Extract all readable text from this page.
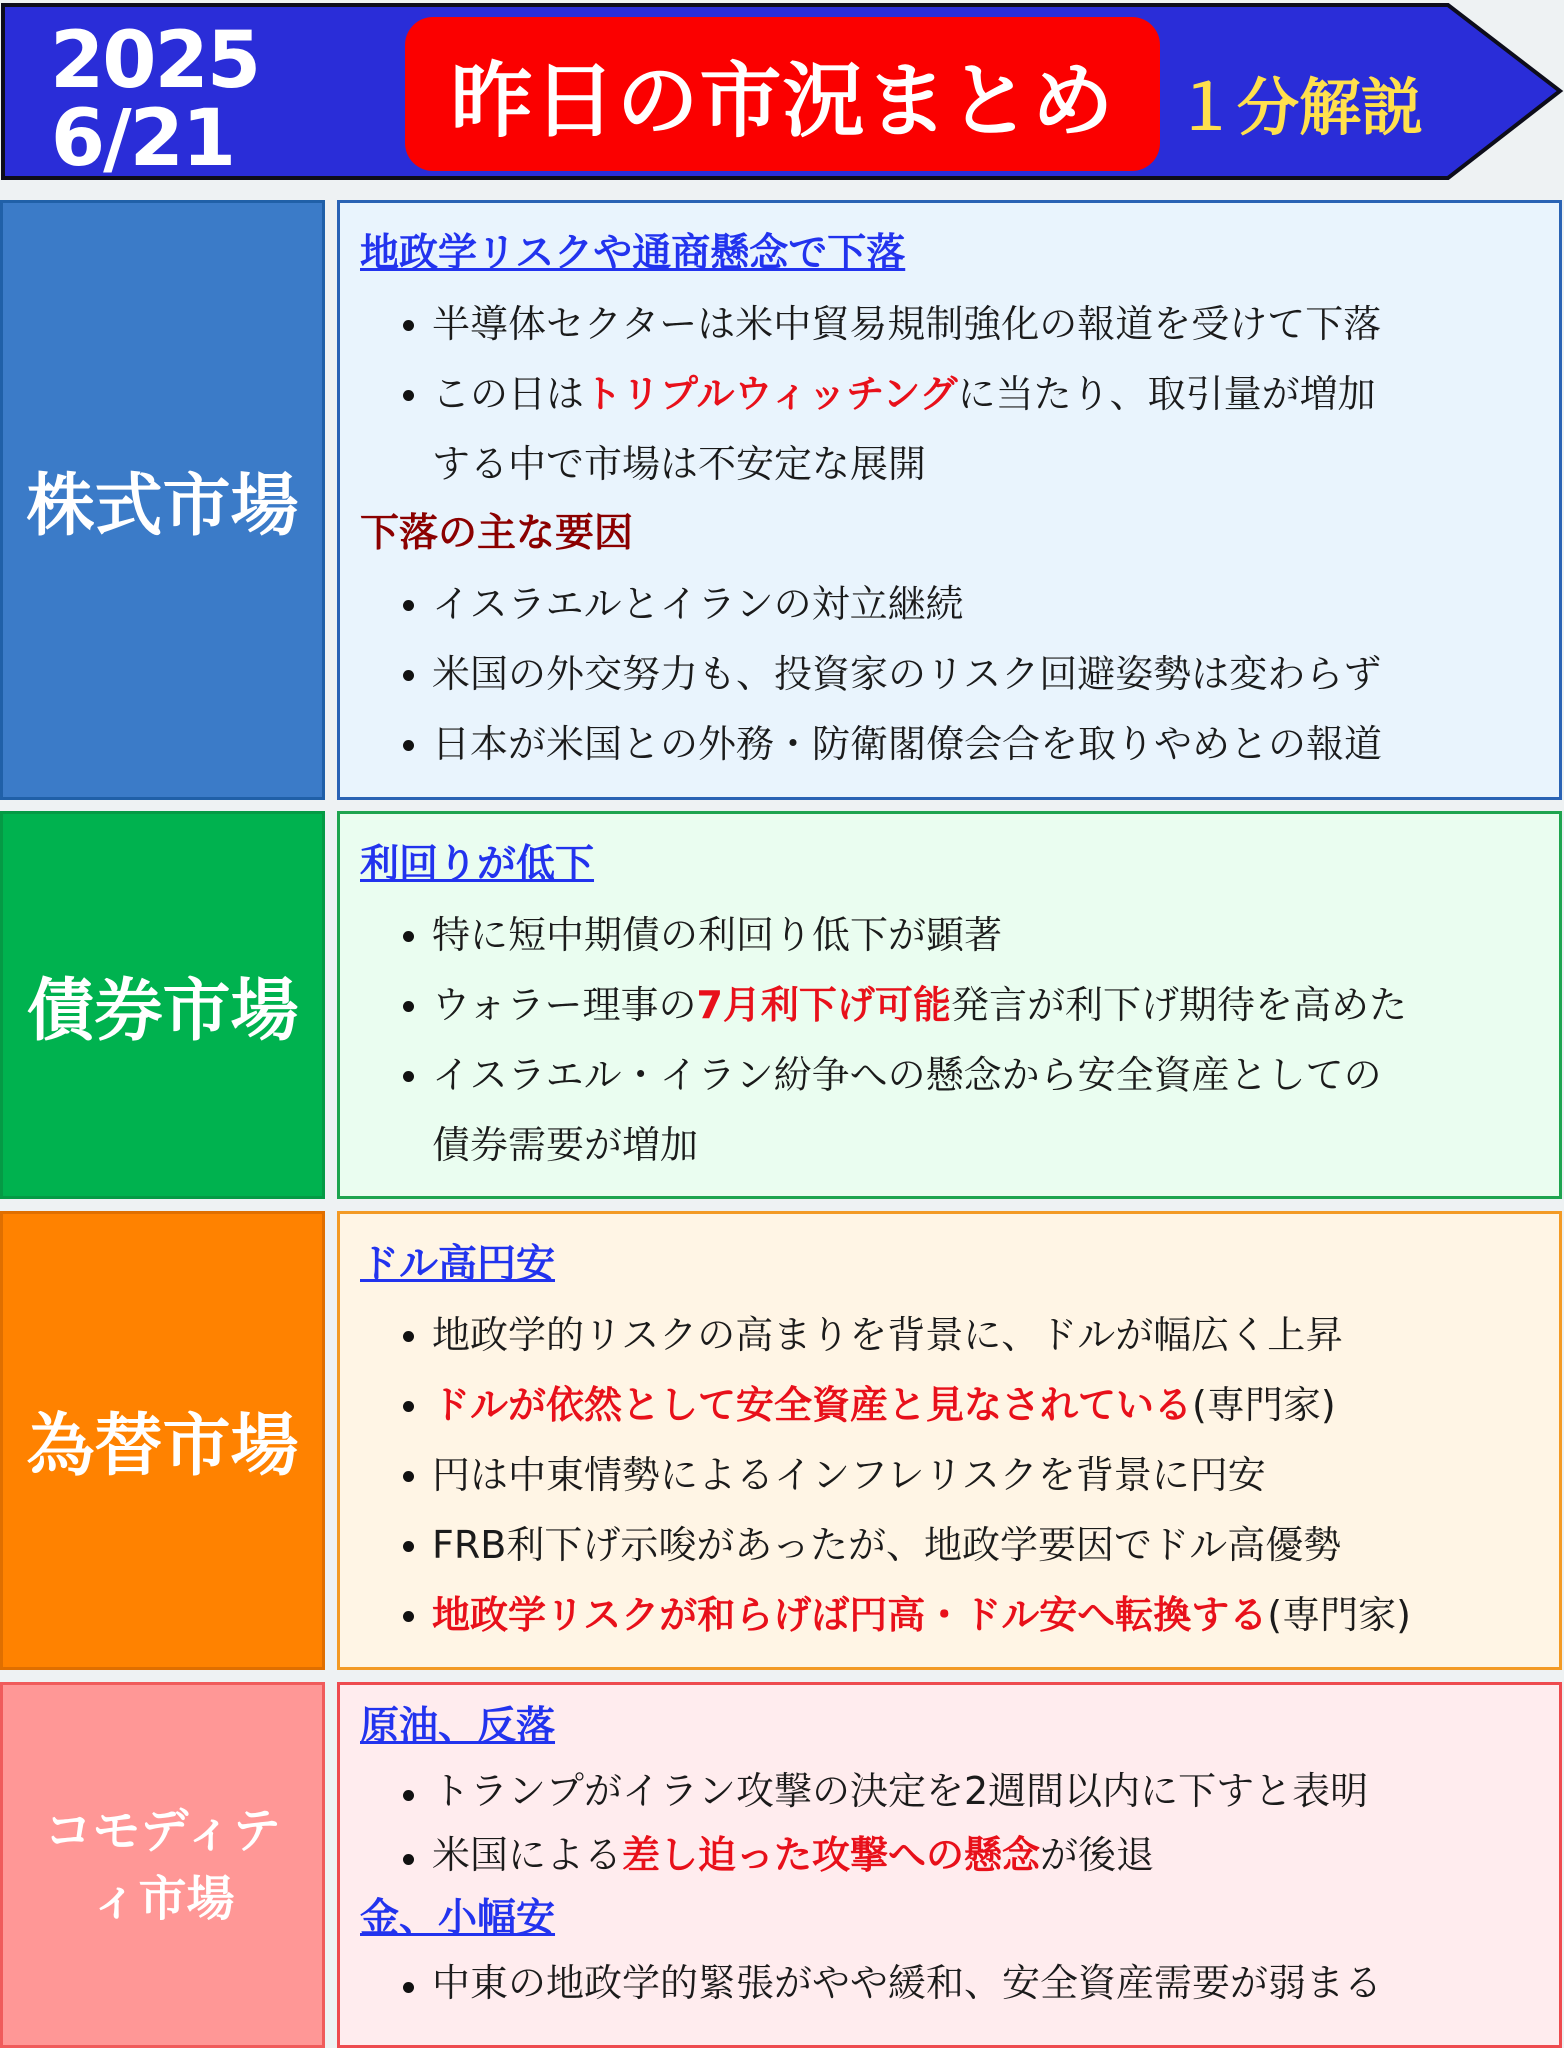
2025
6/21	昨日の市況まとめ １分解説
株式市場
地政学リスクや通商懸念で下落
半導体セクターは米中貿易規制強化の報道を受けて下落
この日はトリプルウィッチングに当たり、取引量が増加
する中で市場は不安定な展開
下落の主な要因
イスラエルとイランの対立継続
米国の外交努力も、投資家のリスク回避姿勢は変わらず
日本が米国との外務・防衛閣僚会合を取りやめとの報道
債券市場
利回りが低下
特に短中期債の利回り低下が顕著
ウォラー理事の7月利下げ可能発言が利下げ期待を高めた
イスラエル・イラン紛争への懸念から安全資産としての
債券需要が増加
為替市場
ドル高円安
地政学的リスクの高まりを背景に、ドルが幅広く上昇
ドルが依然として安全資産と見なされている(専門家)
円は中東情勢によるインフレリスクを背景に円安
FRB利下げ示唆があったが、地政学要因でドル高優勢
地政学リスクが和らげば円高・ドル安へ転換する(専門家)
コモディテ
ィ市場
原油、反落
トランプがイラン攻撃の決定を2週間以内に下すと表明
米国による差し迫った攻撃への懸念が後退
金、小幅安
中東の地政学的緊張がやや緩和、安全資産需要が弱まる
